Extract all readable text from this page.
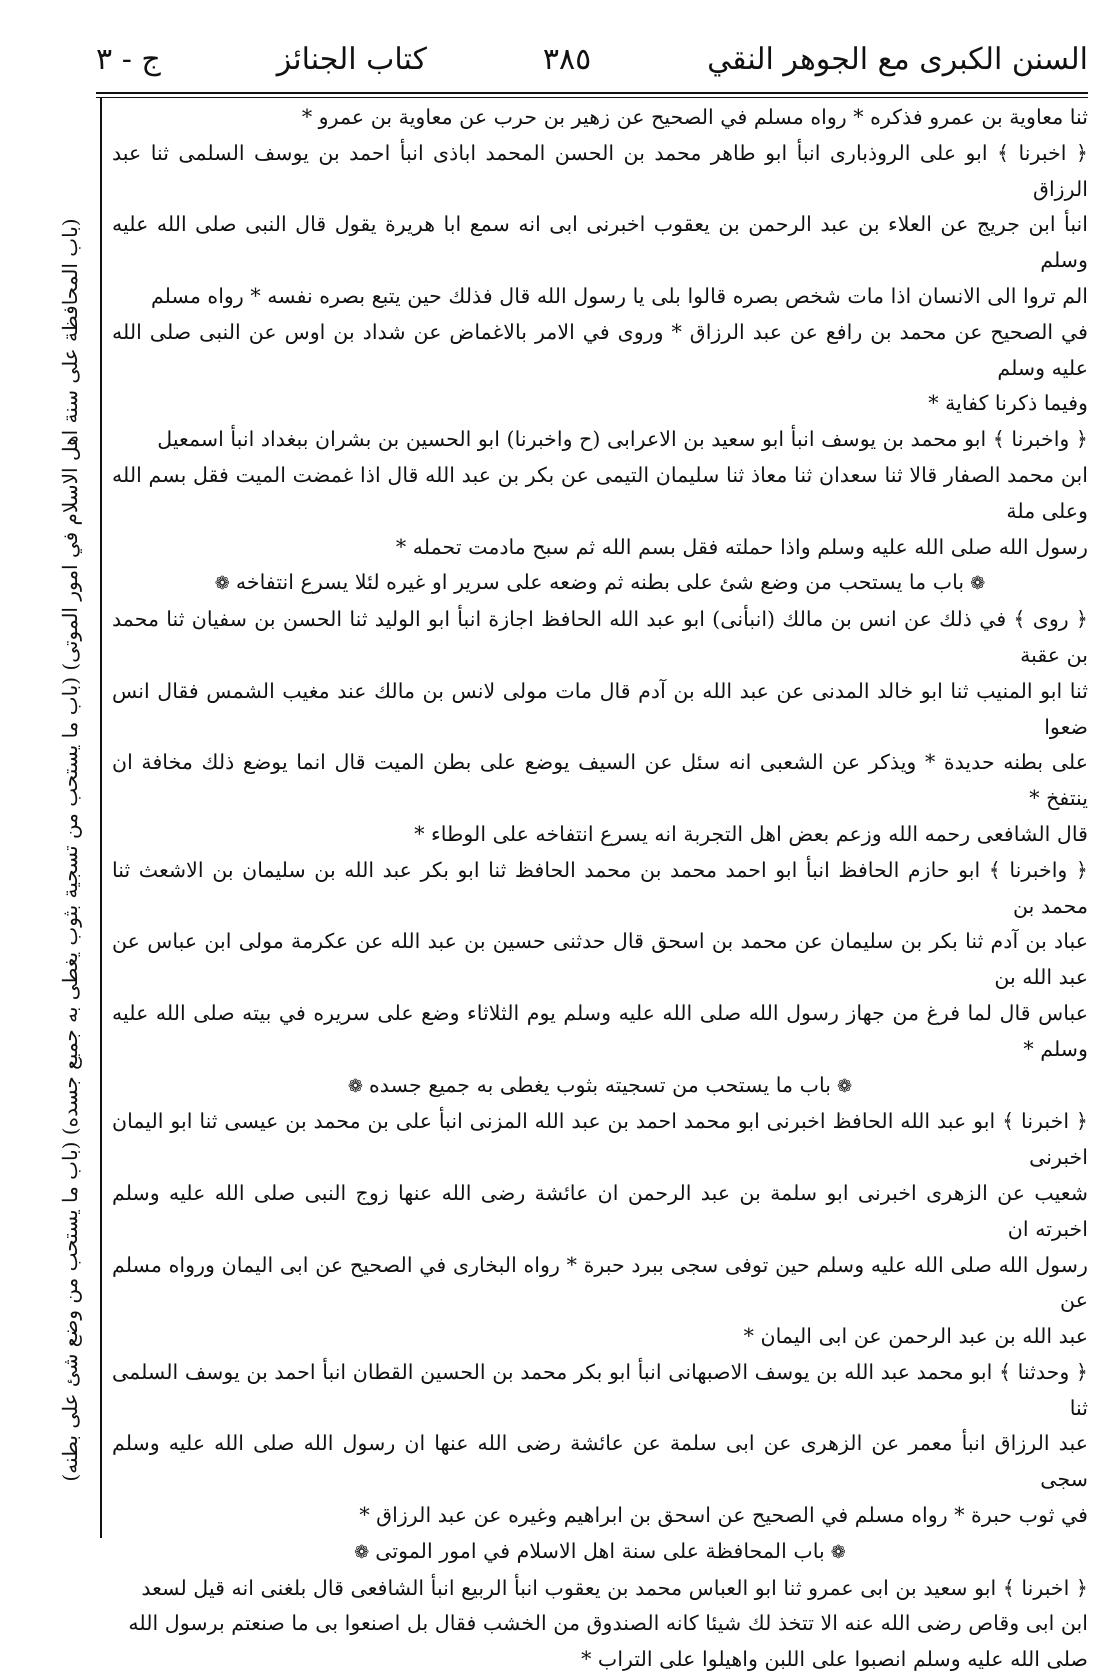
السنن الكبرى مع الجوهر النقي
٣٨٥
كتاب الجنائز
ج - ٣
(باب المحافظة على سنة اهل الاسلام في امور الموتى) (باب ما يستحب من تسجية بثوب يغطى به جميع جسده) (باب ما يستحب من وضع شئ على بطنه)

ثنا معاوية بن عمرو فذكره * رواه مسلم في الصحيح عن زهير بن حرب عن معاوية بن عمرو *

﴿ اخبرنا ﴾ ابو على الروذبارى انبأ ابو طاهر محمد بن الحسن المحمد اباذى انبأ احمد بن يوسف السلمى ثنا عبد الرزاق

انبأ ابن جريج عن العلاء بن عبد الرحمن بن يعقوب اخبرنى ابى انه سمع ابا هريرة يقول قال النبى صلى الله عليه وسلم

الم تروا الى الانسان اذا مات شخص بصره قالوا بلى يا رسول الله قال فذلك حين يتبع بصره نفسه * رواه مسلم

في الصحيح عن محمد بن رافع عن عبد الرزاق * وروى في الامر بالاغماض عن شداد بن اوس عن النبى صلى الله عليه وسلم

وفيما ذكرنا كفاية *

﴿ واخبرنا ﴾ ابو محمد بن يوسف انبأ ابو سعيد بن الاعرابى (ح واخبرنا) ابو الحسين بن بشران ببغداد انبأ اسمعيل

ابن محمد الصفار قالا ثنا سعدان ثنا معاذ ثنا سليمان التيمى عن بكر بن عبد الله قال اذا غمضت الميت فقل بسم الله وعلى ملة

رسول الله صلى الله عليه وسلم واذا حملته فقل بسم الله ثم سبح مادمت تحمله *

❁باب ما يستحب من وضع شئ على بطنه ثم وضعه على سرير او غيره لئلا يسرع انتفاخه❁

﴿ روى ﴾ في ذلك عن انس بن مالك (انبأنى) ابو عبد الله الحافظ اجازة انبأ ابو الوليد ثنا الحسن بن سفيان ثنا محمد بن عقبة

ثنا ابو المنيب ثنا ابو خالد المدنى عن عبد الله بن آدم قال مات مولى لانس بن مالك عند مغيب الشمس فقال انس ضعوا

على بطنه حديدة * ويذكر عن الشعبى انه سئل عن السيف يوضع على بطن الميت قال انما يوضع ذلك مخافة ان ينتفخ *

قال الشافعى رحمه الله وزعم بعض اهل التجربة انه يسرع انتفاخه على الوطاء *

﴿ واخبرنا ﴾ ابو حازم الحافظ انبأ ابو احمد محمد بن محمد الحافظ ثنا ابو بكر عبد الله بن سليمان بن الاشعث ثنا محمد بن

عباد بن آدم ثنا بكر بن سليمان عن محمد بن اسحق قال حدثنى حسين بن عبد الله عن عكرمة مولى ابن عباس عن عبد الله بن

عباس قال لما فرغ من جهاز رسول الله صلى الله عليه وسلم يوم الثلاثاء وضع على سريره في بيته صلى الله عليه وسلم *

❁باب ما يستحب من تسجيته بثوب يغطى به جميع جسده❁

﴿ اخبرنا ﴾ ابو عبد الله الحافظ اخبرنى ابو محمد احمد بن عبد الله المزنى انبأ على بن محمد بن عيسى ثنا ابو اليمان اخبرنى

شعيب عن الزهرى اخبرنى ابو سلمة بن عبد الرحمن ان عائشة رضى الله عنها زوج النبى صلى الله عليه وسلم اخبرته ان

رسول الله صلى الله عليه وسلم حين توفى سجى ببرد حبرة * رواه البخارى في الصحيح عن ابى اليمان ورواه مسلم عن

عبد الله بن عبد الرحمن عن ابى اليمان *

﴿ وحدثنا ﴾ ابو محمد عبد الله بن يوسف الاصبهانى انبأ ابو بكر محمد بن الحسين القطان انبأ احمد بن يوسف السلمى ثنا

عبد الرزاق انبأ معمر عن الزهرى عن ابى سلمة عن عائشة رضى الله عنها ان رسول الله صلى الله عليه وسلم سجى

في ثوب حبرة * رواه مسلم في الصحيح عن اسحق بن ابراهيم وغيره عن عبد الرزاق *

❁باب المحافظة على سنة اهل الاسلام في امور الموتى❁

﴿ اخبرنا ﴾ ابو سعيد بن ابى عمرو ثنا ابو العباس محمد بن يعقوب انبأ الربيع انبأ الشافعى قال بلغنى انه قيل لسعد

ابن ابى وقاص رضى الله عنه الا تتخذ لك شيئا كانه الصندوق من الخشب فقال بل اصنعوا بى ما صنعتم برسول الله

صلى الله عليه وسلم انصبوا على اللبن واهيلوا على التراب *
